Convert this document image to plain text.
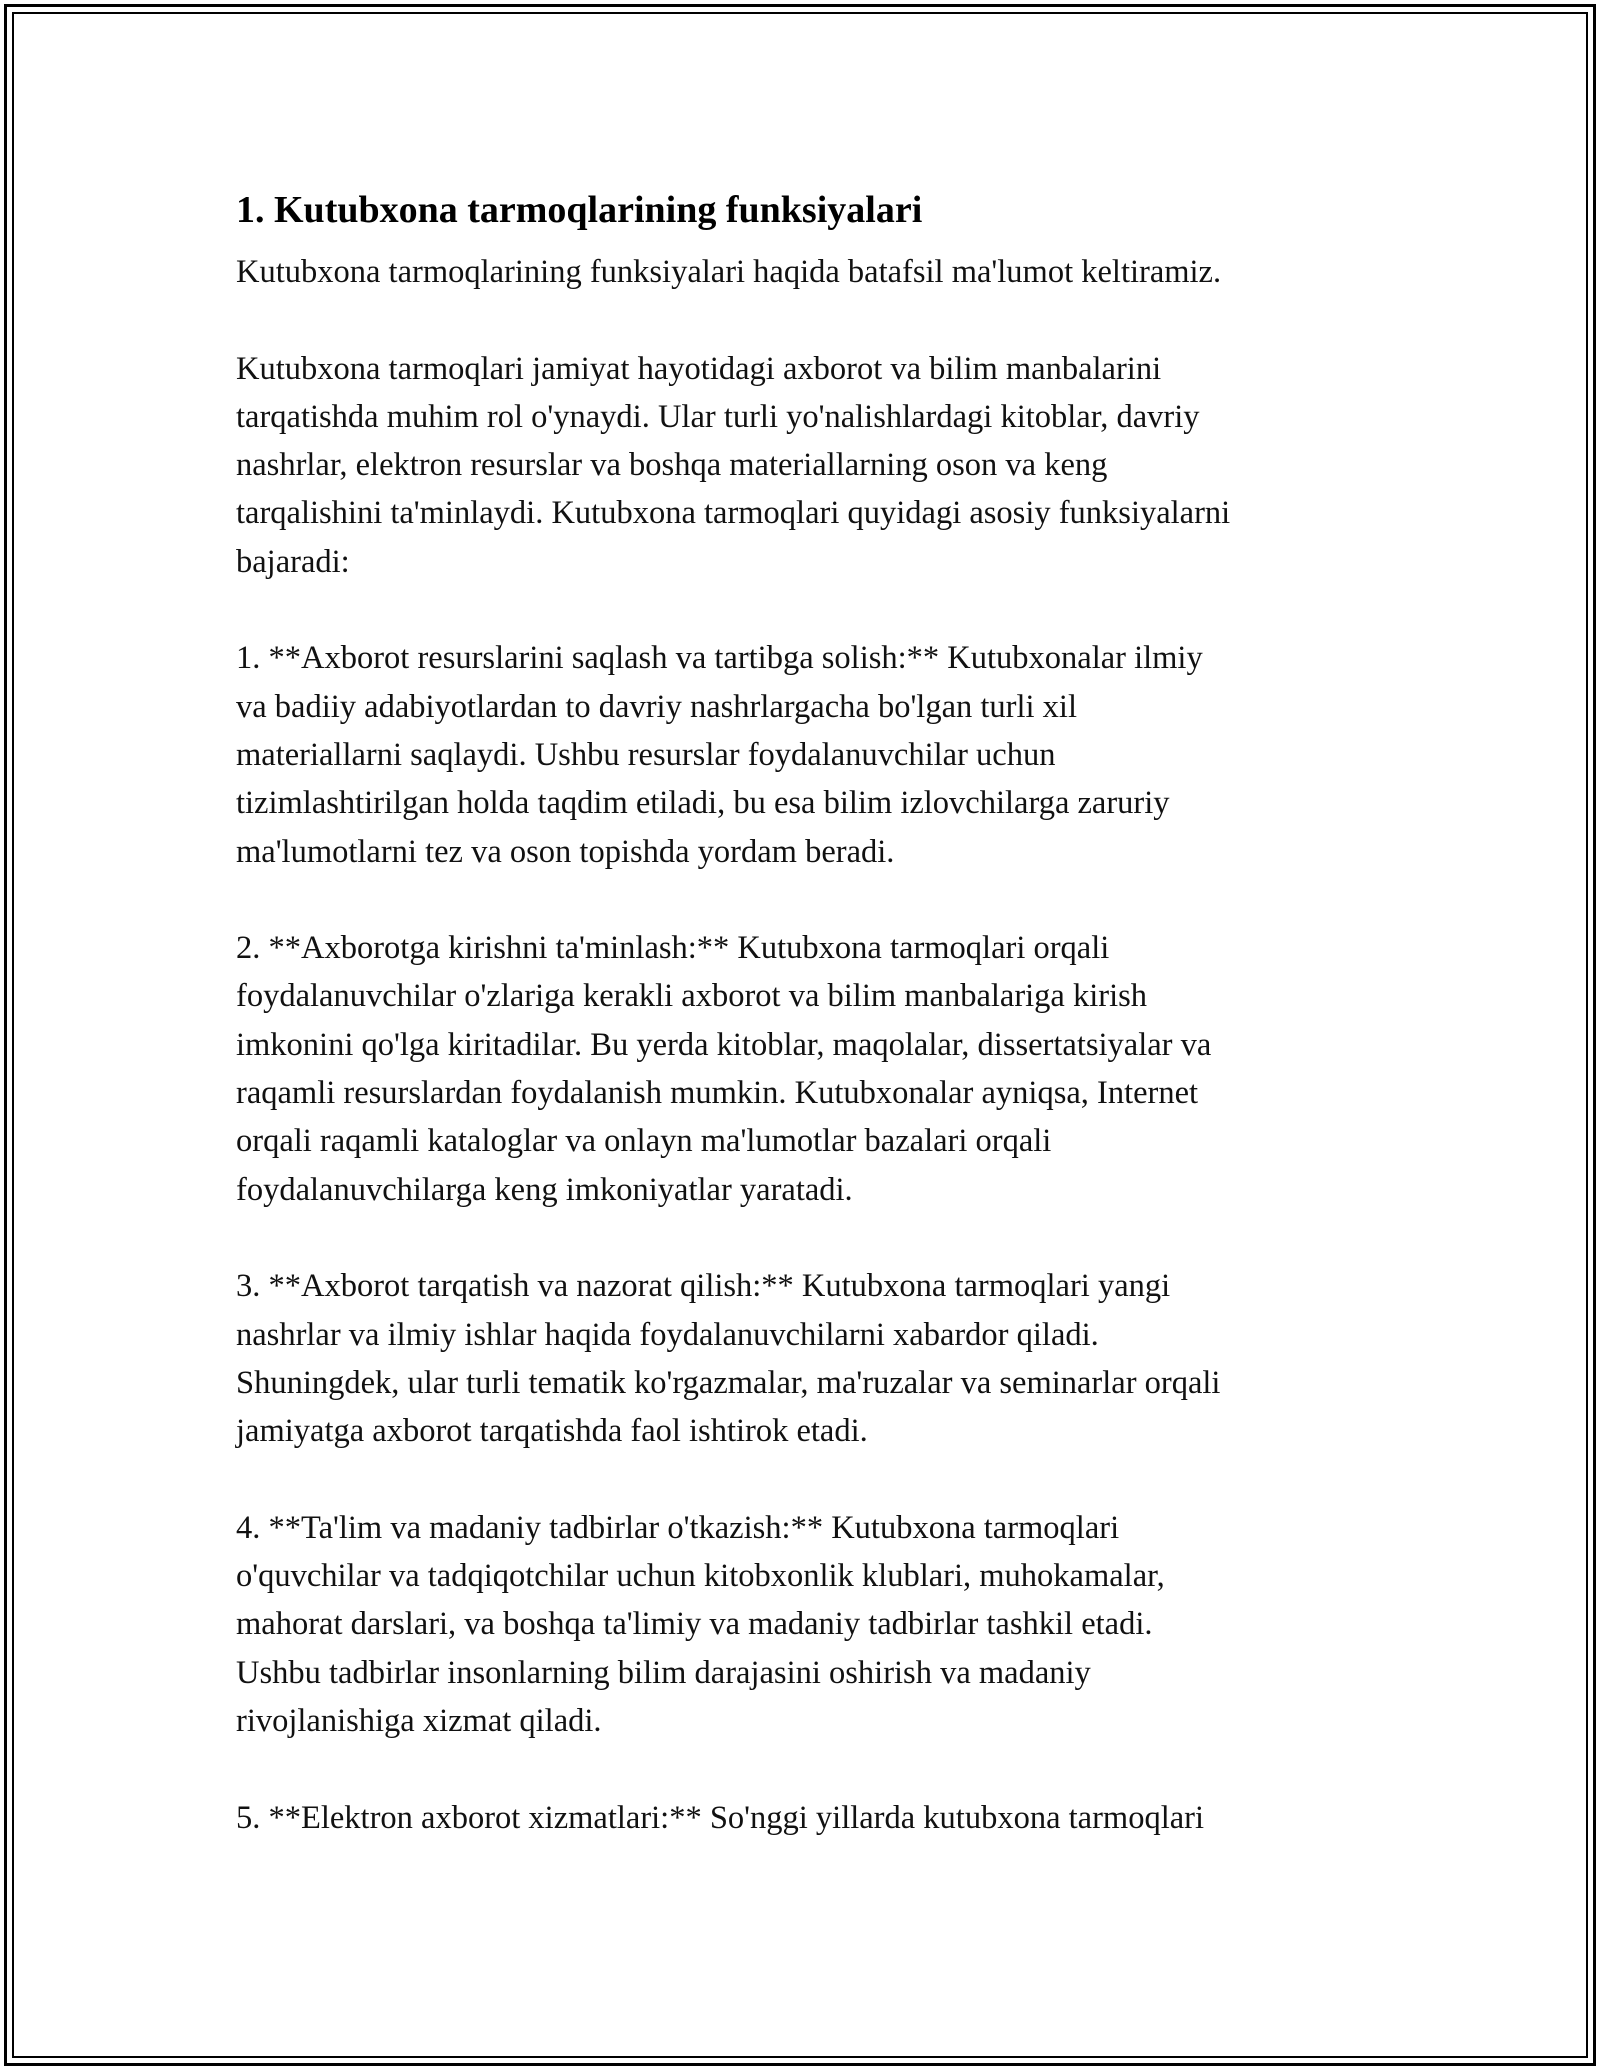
1. Kutubxona tarmoqlarining funksiyalari

Kutubxona tarmoqlarining funksiyalari haqida batafsil ma'lumot keltiramiz.

Kutubxona tarmoqlari jamiyat hayotidagi axborot va bilim manbalarini
tarqatishda muhim rol o'ynaydi. Ular turli yo'nalishlardagi kitoblar, davriy
nashrlar, elektron resurslar va boshqa materiallarning oson va keng
tarqalishini ta'minlaydi. Kutubxona tarmoqlari quyidagi asosiy funksiyalarni
bajaradi:

1. **Axborot resurslarini saqlash va tartibga solish:** Kutubxonalar ilmiy
va badiiy adabiyotlardan to davriy nashrlargacha bo'lgan turli xil
materiallarni saqlaydi. Ushbu resurslar foydalanuvchilar uchun
tizimlashtirilgan holda taqdim etiladi, bu esa bilim izlovchilarga zaruriy
ma'lumotlarni tez va oson topishda yordam beradi.

2. **Axborotga kirishni ta'minlash:** Kutubxona tarmoqlari orqali
foydalanuvchilar o'zlariga kerakli axborot va bilim manbalariga kirish
imkonini qo'lga kiritadilar. Bu yerda kitoblar, maqolalar, dissertatsiyalar va
raqamli resurslardan foydalanish mumkin. Kutubxonalar ayniqsa, Internet
orqali raqamli kataloglar va onlayn ma'lumotlar bazalari orqali
foydalanuvchilarga keng imkoniyatlar yaratadi.

3. **Axborot tarqatish va nazorat qilish:** Kutubxona tarmoqlari yangi
nashrlar va ilmiy ishlar haqida foydalanuvchilarni xabardor qiladi.
Shuningdek, ular turli tematik ko'rgazmalar, ma'ruzalar va seminarlar orqali
jamiyatga axborot tarqatishda faol ishtirok etadi.

4. **Ta'lim va madaniy tadbirlar o'tkazish:** Kutubxona tarmoqlari
o'quvchilar va tadqiqotchilar uchun kitobxonlik klublari, muhokamalar,
mahorat darslari, va boshqa ta'limiy va madaniy tadbirlar tashkil etadi.
Ushbu tadbirlar insonlarning bilim darajasini oshirish va madaniy
rivojlanishiga xizmat qiladi.

5. **Elektron axborot xizmatlari:** So'nggi yillarda kutubxona tarmoqlari
